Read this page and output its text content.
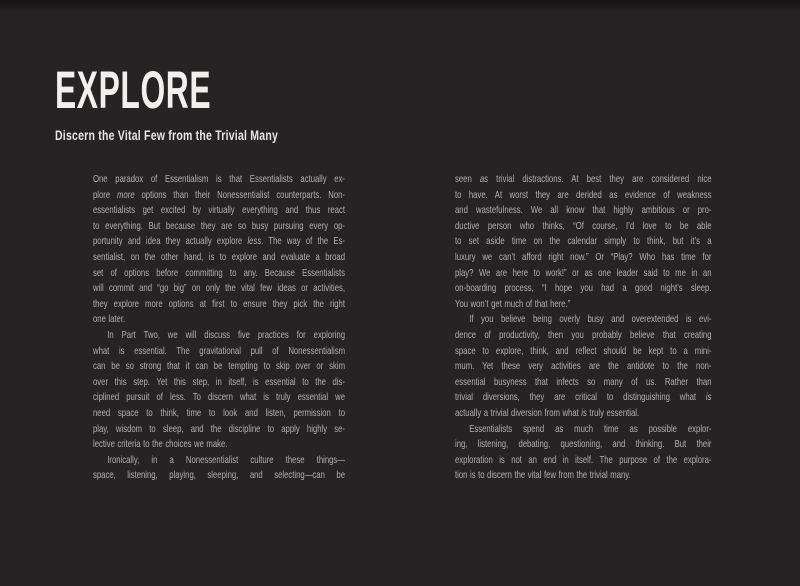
EXPLORE
Discern the Vital Few from the Trivial Many
One paradox of Essentialism is that Essentialists actually ex-
plore more options than their Nonessentialist counterparts. Non-
essentialists get excited by virtually everything and thus react
to everything. But because they are so busy pursuing every op-
portunity and idea they actually explore less. The way of the Es-
sentialist, on the other hand, is to explore and evaluate a broad
set of options before committing to any. Because Essentialists
will commit and “go big” on only the vital few ideas or activities,
they explore more options at first to ensure they pick the right
one later.
In Part Two, we will discuss five practices for exploring
what is essential. The gravitational pull of Nonessentialism
can be so strong that it can be tempting to skip over or skim
over this step. Yet this step, in itself, is essential to the dis-
ciplined pursuit of less. To discern what is truly essential we
need space to think, time to look and listen, permission to
play, wisdom to sleep, and the discipline to apply highly se-
lective criteria to the choices we make.
Ironically, in a Nonessentialist culture these things—
space, listening, playing, sleeping, and selecting—can be
seen as trivial distractions. At best they are considered nice
to have. At worst they are derided as evidence of weakness
and wastefulness. We all know that highly ambitious or pro-
ductive person who thinks, “Of course, I’d love to be able
to set aside time on the calendar simply to think, but it’s a
luxury we can’t afford right now.” Or “Play? Who has time for
play? We are here to work!” or as one leader said to me in an
on-boarding process, “I hope you had a good night’s sleep.
You won’t get much of that here.”
If you believe being overly busy and overextended is evi-
dence of productivity, then you probably believe that creating
space to explore, think, and reflect should be kept to a mini-
mum. Yet these very activities are the antidote to the non-
essential busyness that infects so many of us. Rather than
trivial diversions, they are critical to distinguishing what is
actually a trivial diversion from what is truly essential.
Essentialists spend as much time as possible explor-
ing, listening, debating, questioning, and thinking. But their
exploration is not an end in itself. The purpose of the explora-
tion is to discern the vital few from the trivial many.
